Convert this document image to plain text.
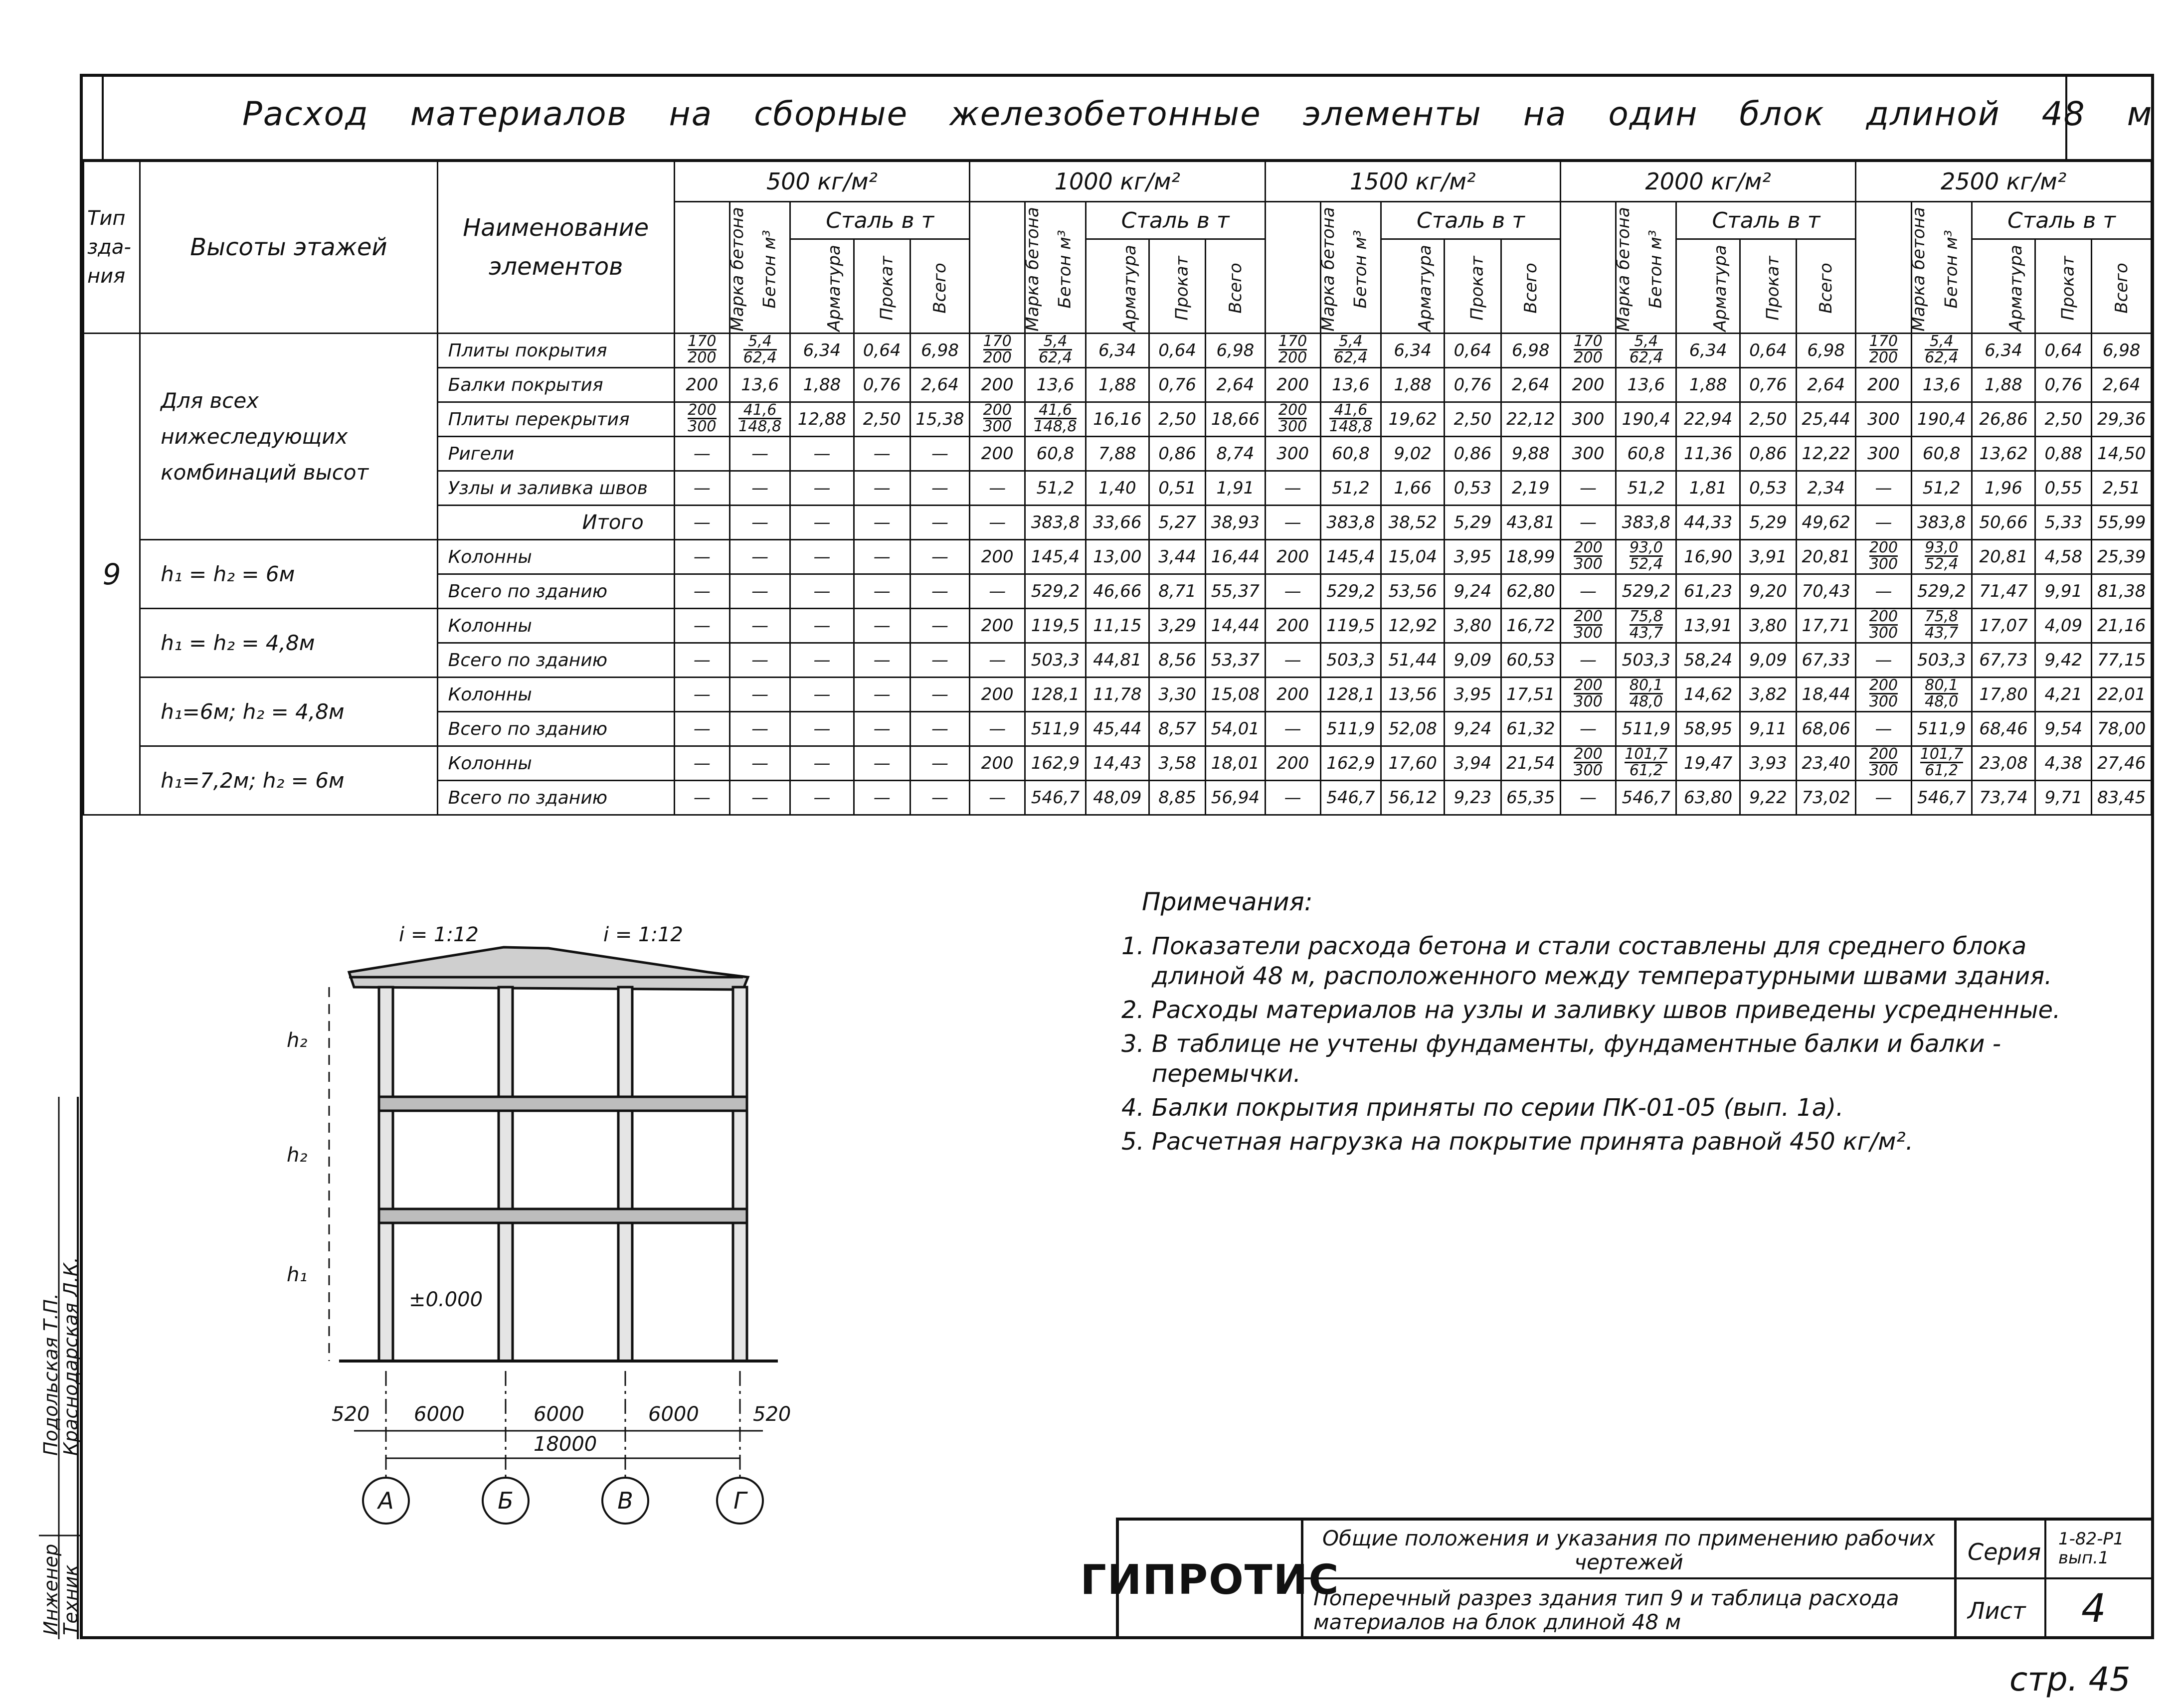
Расход материалов на сборные железобетонные элементы на один блок длиной 48 м
Тип зда-ния	Высоты этажей	Наименование элементов	500 кг/м²					1000 кг/м²					1500 кг/м²					2000 кг/м²					2500 кг/м²				
			Марка бетона	Бетон м³	Сталь в т			Марка бетона	Бетон м³	Сталь в т			Марка бетона	Бетон м³	Сталь в т			Марка бетона	Бетон м³	Сталь в т			Марка бетона	Бетон м³	Сталь в т		
					Арматура	Прокат	Всего			Арматура	Прокат	Всего			Арматура	Прокат	Всего			Арматура	Прокат	Всего			Арматура	Прокат	Всего
9	Для всех нижеследующих комбинаций высот	Плиты покрытия	$\frac{170}{200}$	$\frac{5,4}{62,4}$	6,34	0,64	6,98	$\frac{170}{200}$	$\frac{5,4}{62,4}$	6,34	0,64	6,98	$\frac{170}{200}$	$\frac{5,4}{62,4}$	6,34	0,64	6,98	$\frac{170}{200}$	$\frac{5,4}{62,4}$	6,34	0,64	6,98	$\frac{170}{200}$	$\frac{5,4}{62,4}$	6,34	0,64	6,98
		Балки покрытия	200	13,6	1,88	0,76	2,64	200	13,6	1,88	0,76	2,64	200	13,6	1,88	0,76	2,64	200	13,6	1,88	0,76	2,64	200	13,6	1,88	0,76	2,64
		Плиты перекрытия	$\frac{200}{300}$	$\frac{41,6}{148,8}$	12,88	2,50	15,38	$\frac{200}{300}$	$\frac{41,6}{148,8}$	16,16	2,50	18,66	$\frac{200}{300}$	$\frac{41,6}{148,8}$	19,62	2,50	22,12	300	190,4	22,94	2,50	25,44	300	190,4	26,86	2,50	29,36
		Ригели	—	—	—	—	—	200	60,8	7,88	0,86	8,74	300	60,8	9,02	0,86	9,88	300	60,8	11,36	0,86	12,22	300	60,8	13,62	0,88	14,50
		Узлы и заливка швов	—	—	—	—	—	—	51,2	1,40	0,51	1,91	—	51,2	1,66	0,53	2,19	—	51,2	1,81	0,53	2,34	—	51,2	1,96	0,55	2,51
		Итого	—	—	—	—	—	—	383,8	33,66	5,27	38,93	—	383,8	38,52	5,29	43,81	—	383,8	44,33	5,29	49,62	—	383,8	50,66	5,33	55,99
	h₁ = h₂ = 6м	Колонны	—	—	—	—	—	200	145,4	13,00	3,44	16,44	200	145,4	15,04	3,95	18,99	$\frac{200}{300}$	$\frac{93,0}{52,4}$	16,90	3,91	20,81	$\frac{200}{300}$	$\frac{93,0}{52,4}$	20,81	4,58	25,39
		Всего по зданию	—	—	—	—	—	—	529,2	46,66	8,71	55,37	—	529,2	53,56	9,24	62,80	—	529,2	61,23	9,20	70,43	—	529,2	71,47	9,91	81,38
	h₁ = h₂ = 4,8м	Колонны	—	—	—	—	—	200	119,5	11,15	3,29	14,44	200	119,5	12,92	3,80	16,72	$\frac{200}{300}$	$\frac{75,8}{43,7}$	13,91	3,80	17,71	$\frac{200}{300}$	$\frac{75,8}{43,7}$	17,07	4,09	21,16
		Всего по зданию	—	—	—	—	—	—	503,3	44,81	8,56	53,37	—	503,3	51,44	9,09	60,53	—	503,3	58,24	9,09	67,33	—	503,3	67,73	9,42	77,15
	h₁=6м; h₂ = 4,8м	Колонны	—	—	—	—	—	200	128,1	11,78	3,30	15,08	200	128,1	13,56	3,95	17,51	$\frac{200}{300}$	$\frac{80,1}{48,0}$	14,62	3,82	18,44	$\frac{200}{300}$	$\frac{80,1}{48,0}$	17,80	4,21	22,01
		Всего по зданию	—	—	—	—	—	—	511,9	45,44	8,57	54,01	—	511,9	52,08	9,24	61,32	—	511,9	58,95	9,11	68,06	—	511,9	68,46	9,54	78,00
	h₁=7,2м; h₂ = 6м	Колонны	—	—	—	—	—	200	162,9	14,43	3,58	18,01	200	162,9	17,60	3,94	21,54	$\frac{200}{300}$	$\frac{101,7}{61,2}$	19,47	3,93	23,40	$\frac{200}{300}$	$\frac{101,7}{61,2}$	23,08	4,38	27,46
		Всего по зданию	—	—	—	—	—	—	546,7	48,09	8,85	56,94	—	546,7	56,12	9,23	65,35	—	546,7	63,80	9,22	73,02	—	546,7	73,74	9,71	83,45
i = 1:12	i = 1:12
h₂
h₂
h₁
±0.000
520 6000	6000	6000	520
18000
А	Б	В	Г
Примечания:
1. Показатели расхода бетона и стали составлены для среднего блока длиной 48 м, расположенного между температурными швами здания.
2. Расходы материалов на узлы и заливку швов приведены усредненные.
3. В таблице не учтены фундаменты, фундаментные балки и балки - перемычки.
4. Балки покрытия приняты по серии ПК-01-05 (вып. 1а).
5. Расчетная нагрузка на покрытие принята равной 450 кг/м².
ГИПРОТИС
Общие положения и указания по применению рабочих чертежей
Поперечный разрез здания тип 9 и таблица расхода материалов на блок длиной 48 м
Серия	1-82-Р1 вып.1
Лист	4
Инженер
Техник
Краснодарская Л.К.
Подольская Т.П.
стр. 45
